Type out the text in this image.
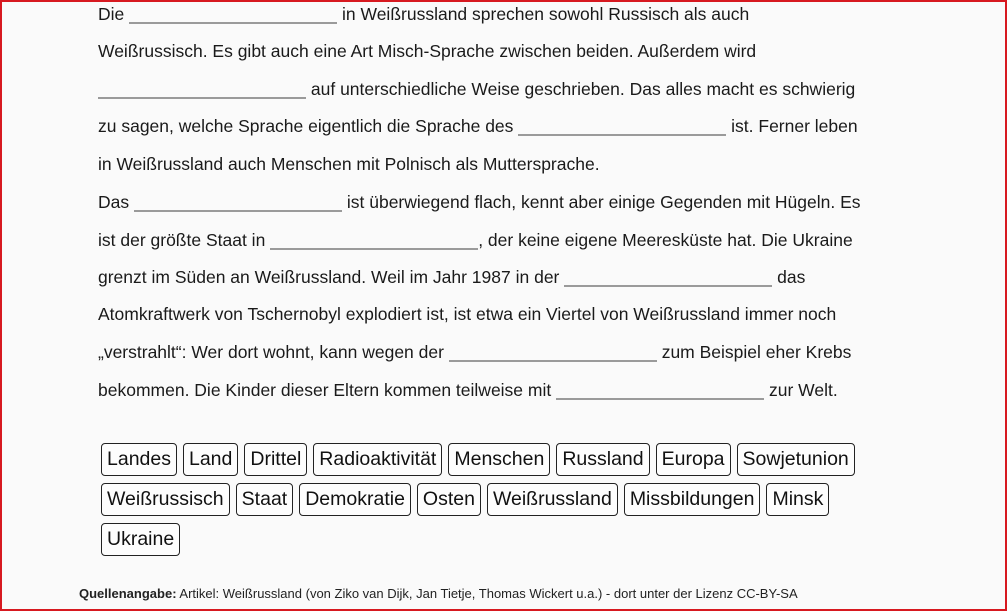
Die	in Weißrussland sprechen sowohl Russisch als auch
Weißrussisch. Es gibt auch eine Art Misch-Sprache zwischen beiden. Außerdem wird
auf unterschiedliche Weise geschrieben. Das alles macht es schwierig
zu sagen, welche Sprache eigentlich die Sprache des	ist. Ferner leben
in Weißrussland auch Menschen mit Polnisch als Muttersprache.
Das	ist überwiegend flach, kennt aber einige Gegenden mit Hügeln. Es
ist der größte Staat in	, der keine eigene Meeresküste hat. Die Ukraine
grenzt im Süden an Weißrussland. Weil im Jahr 1987 in der	das
Atomkraftwerk von Tschernobyl explodiert ist, ist etwa ein Viertel von Weißrussland immer noch
„verstrahlt“: Wer dort wohnt, kann wegen der	zum Beispiel eher Krebs
bekommen. Die Kinder dieser Eltern kommen teilweise mit	zur Welt.
Landes Land Drittel Radioaktivität Menschen Russland Europa Sowjetunion
Weißrussisch Staat Demokratie Osten Weißrussland Missbildungen Minsk
Ukraine
Quellenangabe: Artikel: Weißrussland (von Ziko van Dijk, Jan Tietje, Thomas Wickert u.a.) - dort unter der Lizenz CC-BY-SA
